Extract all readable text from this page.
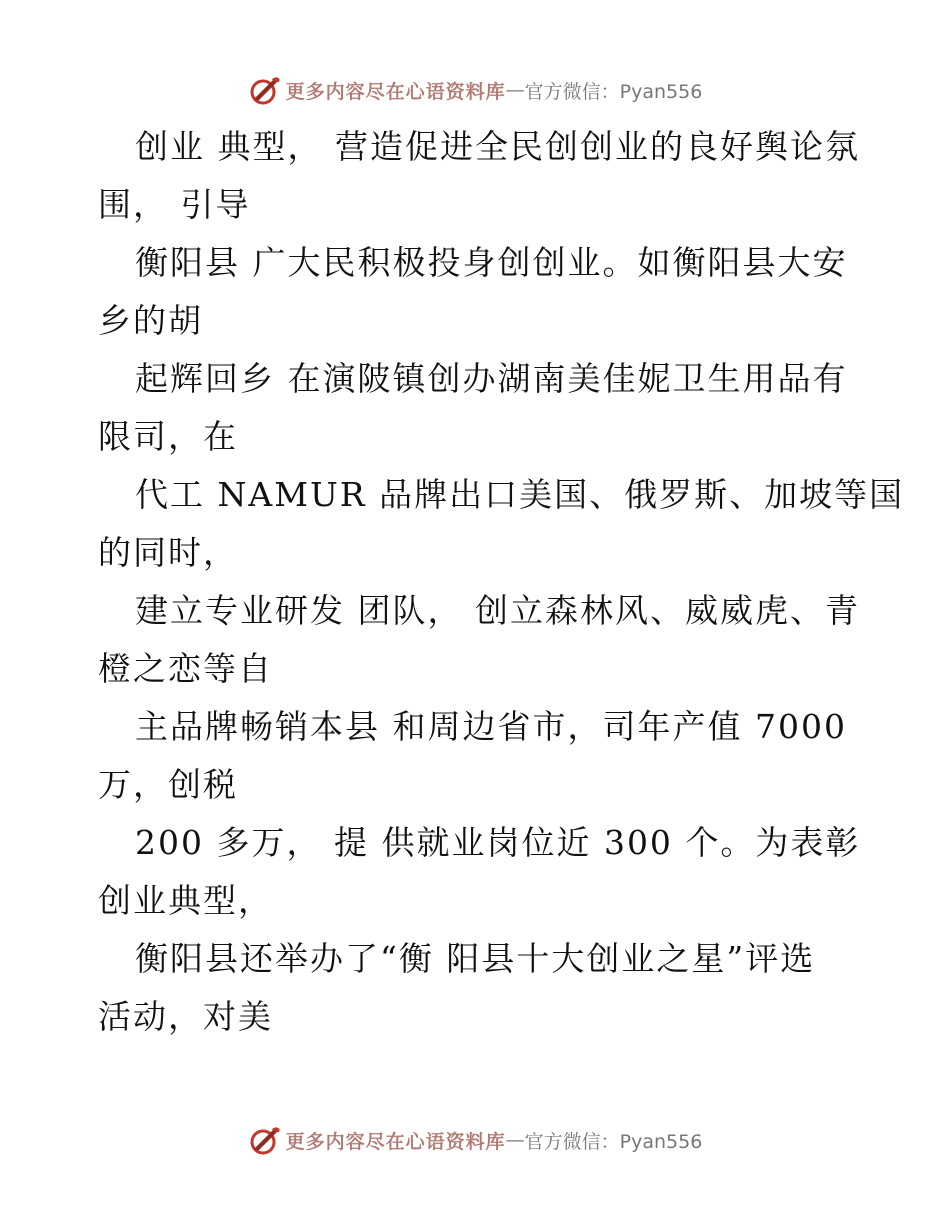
更多内容尽在心语资料库 — 官方微信：Pyan556
创业 典型， 营造促进全民创创业的良好舆论氛
围， 引导
衡阳县 广大民积极投身创创业。如衡阳县大安
乡的胡
起辉回乡 在演陂镇创办湖南美佳妮卫生用品有
限司，在
代工 NAMUR 品牌出口美国、俄罗斯、加坡等国
的同时，
建立专业研发 团队， 创立森林风、威威虎、青
橙之恋等自
主品牌畅销本县 和周边省市，司年产值 7000
万，创税
200 多万， 提 供就业岗位近 300 个。为表彰
创业典型，
衡阳县还举办了“衡 阳县十大创业之星”评选
活动，对美
更多内容尽在心语资料库 — 官方微信：Pyan556
